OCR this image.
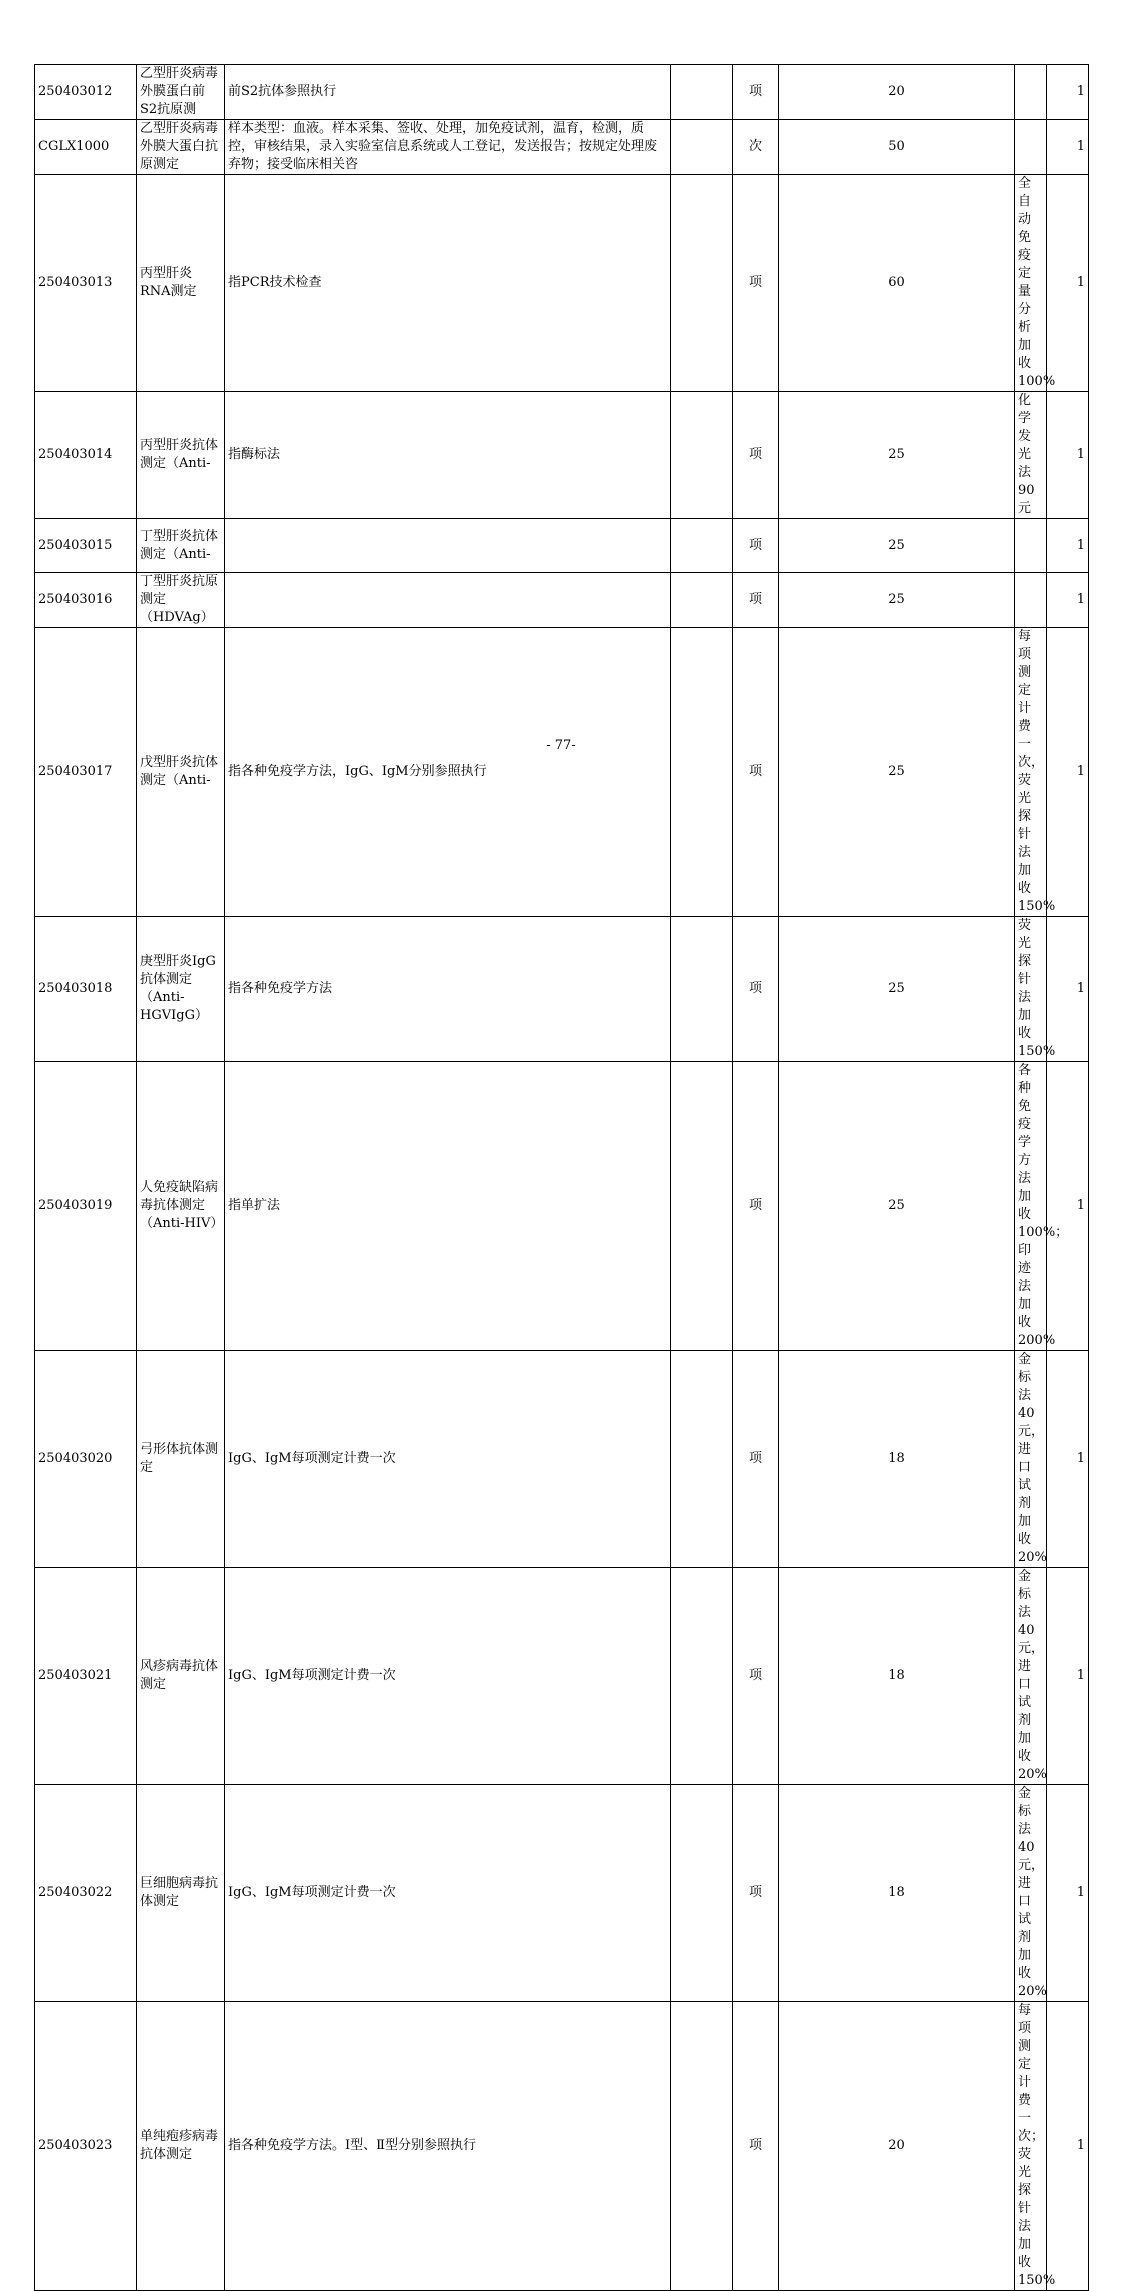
250403012	乙型肝炎病毒外膜蛋白前S2抗原测	前S2抗体参照执行		项	20		1	
CGLX1000	乙型肝炎病毒外膜大蛋白抗原测定	样本类型：血液。样本采集、签收、处理，加免疫试剂，温育，检测，质控，审核结果，录入实验室信息系统或人工登记，发送报告；按规定处理废弃物；接受临床相关咨		次	50		1	
250403013	丙型肝炎RNA测定	指PCR技术检查		项	60	全自动免疫定量分析加收100%	1	
250403014	丙型肝炎抗体测定（Anti-	指酶标法		项	25	化学发光法90元	1	
250403015	丁型肝炎抗体测定（Anti-			项	25		1	
250403016	丁型肝炎抗原测定（HDVAg）			项	25		1	
250403017	戊型肝炎抗体测定（Anti-	指各种免疫学方法，IgG、IgM分别参照执行		项	25	每项测定计费一次，荧光探针法加收150%	1	
250403018	庚型肝炎IgG抗体测定（Anti-HGVIgG）	指各种免疫学方法		项	25	荧光探针法加收150%	1	
250403019	人免疫缺陷病毒抗体测定（Anti-HIV）	指单扩法		项	25	各种免疫学方法加收100%；印迹法加收200%	1	
250403020	弓形体抗体测定	IgG、IgM每项测定计费一次		项	18	金标法40元，进口试剂加收20%	1	
250403021	风疹病毒抗体测定	IgG、IgM每项测定计费一次		项	18	金标法40元，进口试剂加收20%	1	
250403022	巨细胞病毒抗体测定	IgG、IgM每项测定计费一次		项	18	金标法40元，进口试剂加收20%	1	
250403023	单纯疱疹病毒抗体测定	指各种免疫学方法。Ⅰ型、Ⅱ型分别参照执行		项	20	每项测定计费一次；荧光探针法加收150%	1	
- 77-
